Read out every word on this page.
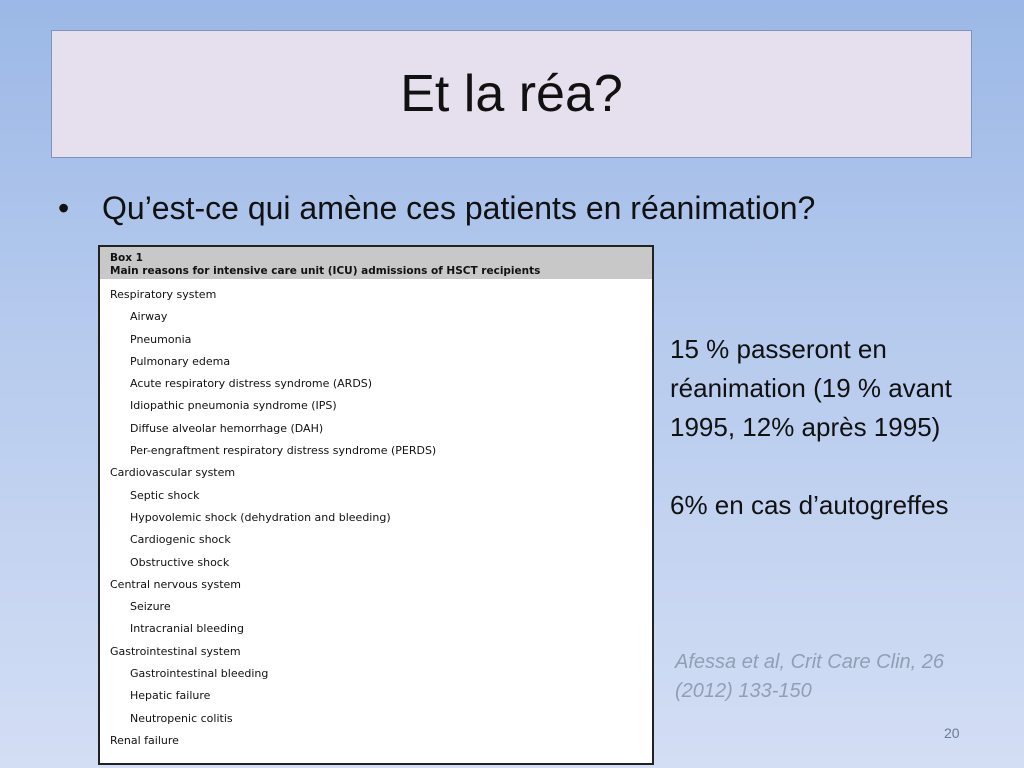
Et la réa?
•	Qu’est-ce qui amène ces patients en réanimation?
Box 1
Main reasons for intensive care unit (ICU) admissions of HSCT recipients
Respiratory system
Airway
Pneumonia
Pulmonary edema
Acute respiratory distress syndrome (ARDS)
Idiopathic pneumonia syndrome (IPS)
Diffuse alveolar hemorrhage (DAH)
Per-engraftment respiratory distress syndrome (PERDS)
Cardiovascular system
Septic shock
Hypovolemic shock (dehydration and bleeding)
Cardiogenic shock
Obstructive shock
Central nervous system
Seizure
Intracranial bleeding
Gastrointestinal system
Gastrointestinal bleeding
Hepatic failure
Neutropenic colitis
Renal failure

15 % passeront en

réanimation (19 % avant

1995, 12% après 1995)

6% en cas d’autogreffes

Afessa et al, Crit Care Clin, 26
(2012) 133-150
20
